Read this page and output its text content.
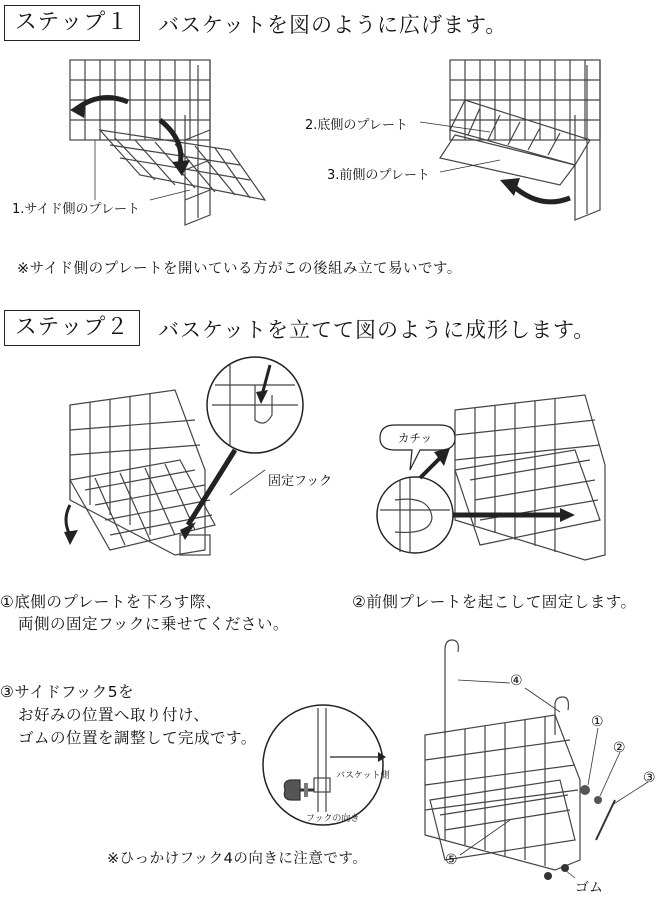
ステップ１	バスケットを図のように広げます。
1.サイド側のプレート
2.底側のプレート
3.前側のプレート
※サイド側のプレートを開いている方がこの後組み立て易いです。
ステップ２	バスケットを立てて図のように成形します。
固定フック
カチッ
①底側のプレートを下ろす際、
両側の固定フックに乗せてください。
②前側プレートを起こして固定します。
③サイドフック5を
お好みの位置へ取り付け、
ゴムの位置を調整して完成です。
バスケット側
フックの向き
※ひっかけフック4の向きに注意です。
④
①
②
③
⑤
ゴム
